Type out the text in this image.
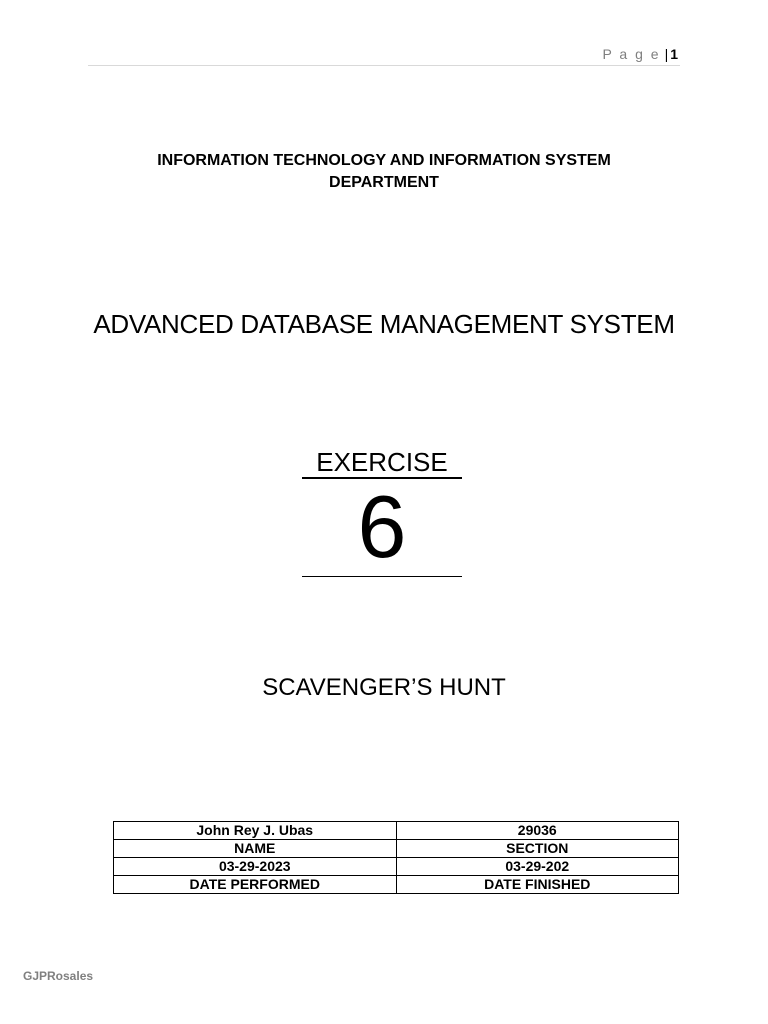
P a g e | 1
INFORMATION TECHNOLOGY AND INFORMATION SYSTEM
DEPARTMENT
ADVANCED DATABASE MANAGEMENT SYSTEM
EXERCISE
6
SCAVENGER’S HUNT
John Rey J. Ubas	29036
NAME	SECTION
03-29-2023	03-29-202
DATE PERFORMED	DATE FINISHED
GJPRosales
